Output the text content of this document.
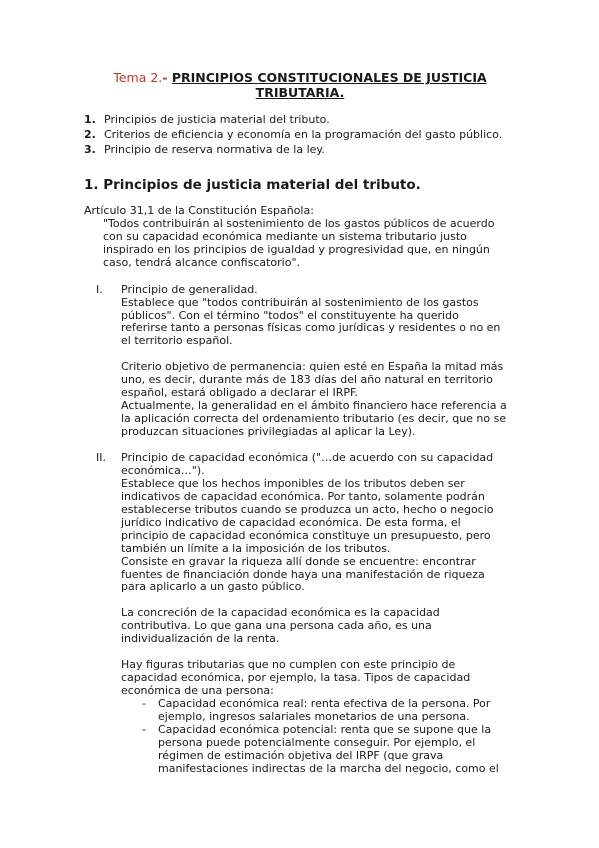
Tema 2.- PRINCIPIOS CONSTITUCIONALES DE JUSTICIA
TRIBUTARIA.
1. Principios de justicia material del tributo.
2. Criterios de eficiencia y economía en la programación del gasto público.
3. Principio de reserva normativa de la ley.
1. Principios de justicia material del tributo.
Artículo 31,1 de la Constitución Española:
"Todos contribuirán al sostenimiento de los gastos públicos de acuerdo
con su capacidad económica mediante un sistema tributario justo
inspirado en los principios de igualdad y progresividad que, en ningún
caso, tendrá alcance confiscatorio".
I. Principio de generalidad.
Establece que "todos contribuirán al sostenimiento de los gastos
públicos". Con el término "todos" el constituyente ha querido
referirse tanto a personas físicas como jurídicas y residentes o no en
el territorio español.
Criterio objetivo de permanencia: quien esté en España la mitad más
uno, es decir, durante más de 183 días del año natural en territorio
español, estará obligado a declarar el IRPF.
Actualmente, la generalidad en el ámbito financiero hace referencia a
la aplicación correcta del ordenamiento tributario (es decir, que no se
produzcan situaciones privilegiadas al aplicar la Ley).
II. Principio de capacidad económica ("…de acuerdo con su capacidad
económica…").
Establece que los hechos imponibles de los tributos deben ser
indicativos de capacidad económica. Por tanto, solamente podrán
establecerse tributos cuando se produzca un acto, hecho o negocio
jurídico indicativo de capacidad económica. De esta forma, el
principio de capacidad económica constituye un presupuesto, pero
también un límite a la imposición de los tributos.
Consiste en gravar la riqueza allí donde se encuentre: encontrar
fuentes de financiación donde haya una manifestación de riqueza
para aplicarlo a un gasto público.
La concreción de la capacidad económica es la capacidad
contributiva. Lo que gana una persona cada año, es una
individualización de la renta.
Hay figuras tributarias que no cumplen con este principio de
capacidad económica, por ejemplo, la tasa. Tipos de capacidad
económica de una persona:
- Capacidad económica real: renta efectiva de la persona. Por
ejemplo, ingresos salariales monetarios de una persona.
- Capacidad económica potencial: renta que se supone que la
persona puede potencialmente conseguir. Por ejemplo, el
régimen de estimación objetiva del IRPF (que grava
manifestaciones indirectas de la marcha del negocio, como el
